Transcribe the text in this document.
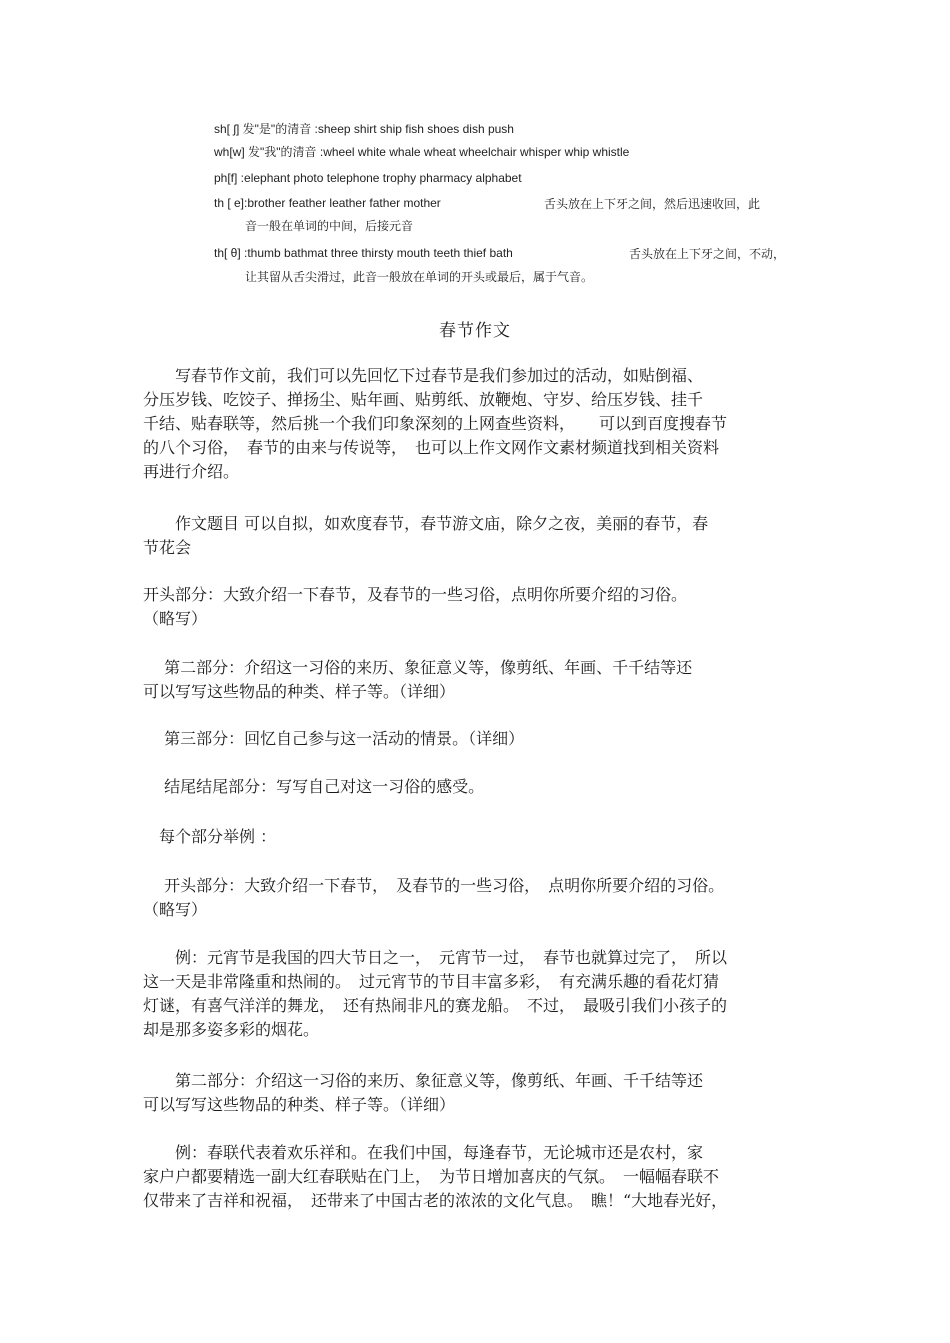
sh[ ʃ] 发"是"的清音 :sheep shirt ship fish shoes dish push
wh[w] 发"我"的清音 :wheel white whale wheat wheelchair whisper whip whistle
ph[f] :elephant photo telephone trophy pharmacy alphabet
th [ e]:brother feather leather father mother	舌头放在上下牙之间，然后迅速收回，此
音一般在单词的中间，后接元音
th[ θ] :thumb bathmat three thirsty mouth teeth thief bath	舌头放在上下牙之间，不动，
让其留从舌尖滑过，此音一般放在单词的开头或最后，属于气音。
春节作文
　　写春节作文前，我们可以先回忆下过春节是我们参加过的活动，如贴倒福、
分压岁钱、吃饺子、掸扬尘、贴年画、贴剪纸、放鞭炮、守岁、给压岁钱、挂千
千结、贴春联等，然后挑一个我们印象深刻的上网查些资料，　　可以到百度搜春节
的八个习俗，　春节的由来与传说等，　也可以上作文网作文素材频道找到相关资料
再进行介绍。
　　作文题目 可以自拟，如欢度春节，春节游文庙，除夕之夜，美丽的春节，春
节花会
开头部分：大致介绍一下春节，及春节的一些习俗，点明你所要介绍的习俗。
（略写）
　 第二部分：介绍这一习俗的来历、象征意义等，像剪纸、年画、千千结等还
可以写写这些物品的种类、样子等。（详细）
　 第三部分：回忆自己参与这一活动的情景。（详细）
　 结尾结尾部分：写写自己对这一习俗的感受。
　每个部分举例 ：
　 开头部分：大致介绍一下春节，　及春节的一些习俗，　点明你所要介绍的习俗。
（略写）
　　例：元宵节是我国的四大节日之一，　元宵节一过，　春节也就算过完了，　所以
这一天是非常隆重和热闹的。　过元宵节的节目丰富多彩，　有充满乐趣的看花灯猜
灯谜，有喜气洋洋的舞龙，　还有热闹非凡的赛龙船。　不过，　最吸引我们小孩子的
却是那多姿多彩的烟花。
　　第二部分：介绍这一习俗的来历、象征意义等，像剪纸、年画、千千结等还
可以写写这些物品的种类、样子等。（详细）
　　例：春联代表着欢乐祥和。在我们中国，每逢春节，无论城市还是农村，家
家户户都要精选一副大红春联贴在门上，　为节日增加喜庆的气氛。　一幅幅春联不
仅带来了吉祥和祝福，　还带来了中国古老的浓浓的文化气息。　瞧！“大地春光好，
